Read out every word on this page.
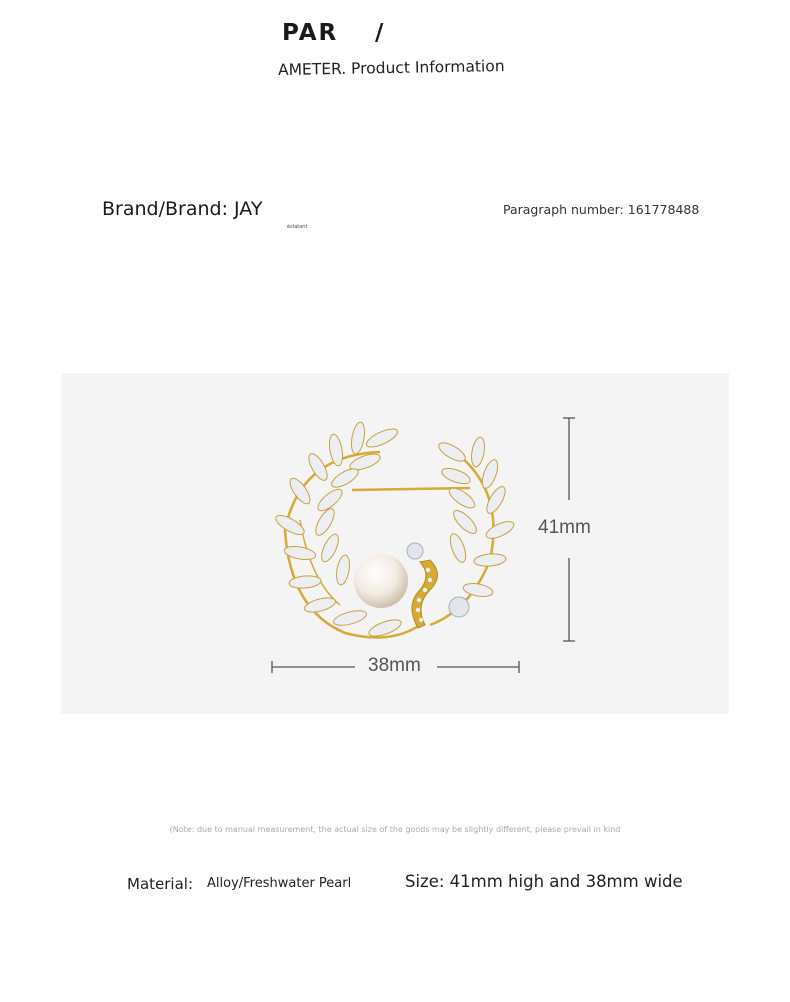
PAR /
AMETER. Product Information
Brand/Brand: JAY
éclatant
Paragraph number: 161778488
41mm
38mm
(Note: due to manual measurement, the actual size of the goods may be slightly different, please prevail in kind
Material: Alloy/Freshwater Pearl	Size: 41mm high and 38mm wide
